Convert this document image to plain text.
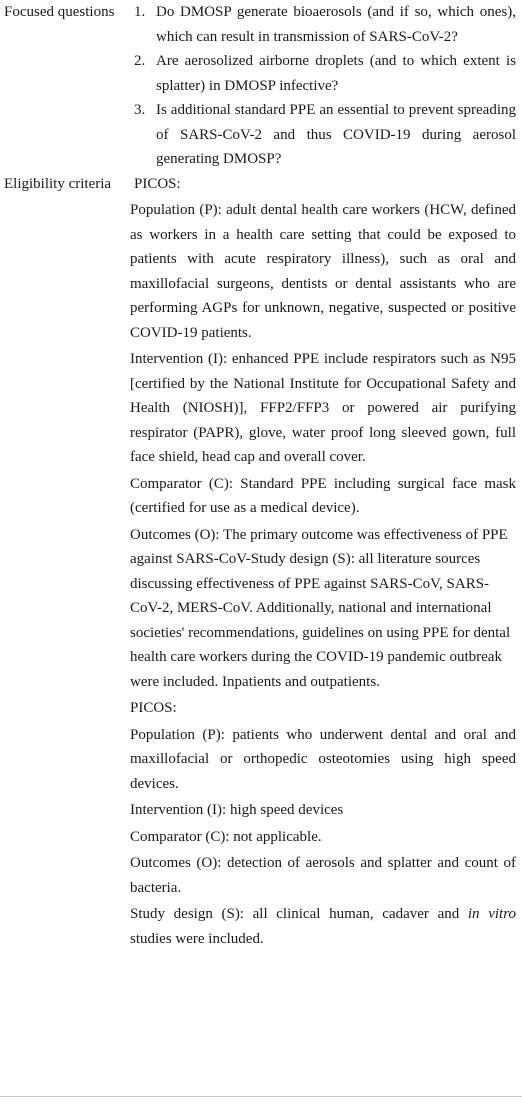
Focused questions	1. Do DMOSP generate bioaerosols (and if so, which ones), which can result in transmission of SARS-CoV-2?
2. Are aerosolized airborne droplets (and to which extent is splatter) in DMOSP infective?
3. Is additional standard PPE an essential to prevent spreading of SARS-CoV-2 and thus COVID-19 during aerosol generating DMOSP?
Eligibility criteria	PICOS:

Population (P): adult dental health care workers (HCW, defined as workers in a health care setting that could be exposed to patients with acute respiratory illness), such as oral and maxillofacial surgeons, dentists or dental assistants who are performing AGPs for unknown, negative, suspected or positive COVID-19 patients.

Intervention (I): enhanced PPE include respirators such as N95 [certified by the National Institute for Occupational Safety and Health (NIOSH)], FFP2/FFP3 or powered air purifying respirator (PAPR), glove, water proof long sleeved gown, full face shield, head cap and overall cover.

Comparator (C): Standard PPE including surgical face mask (certified for use as a medical device).

Outcomes (O): The primary outcome was effectiveness of PPE against SARS-CoV-Study design (S): all literature sources discussing effectiveness of PPE against SARS-CoV, SARS-CoV-2, MERS-CoV. Additionally, national and international societies' recommendations, guidelines on using PPE for dental health care workers during the COVID-19 pandemic outbreak were included. Inpatients and outpatients.

PICOS:

Population (P): patients who underwent dental and oral and maxillofacial or orthopedic osteotomies using high speed devices.

Intervention (I): high speed devices

Comparator (C): not applicable.

Outcomes (O): detection of aerosols and splatter and count of bacteria.

Study design (S): all clinical human, cadaver and in vitro studies were included.
